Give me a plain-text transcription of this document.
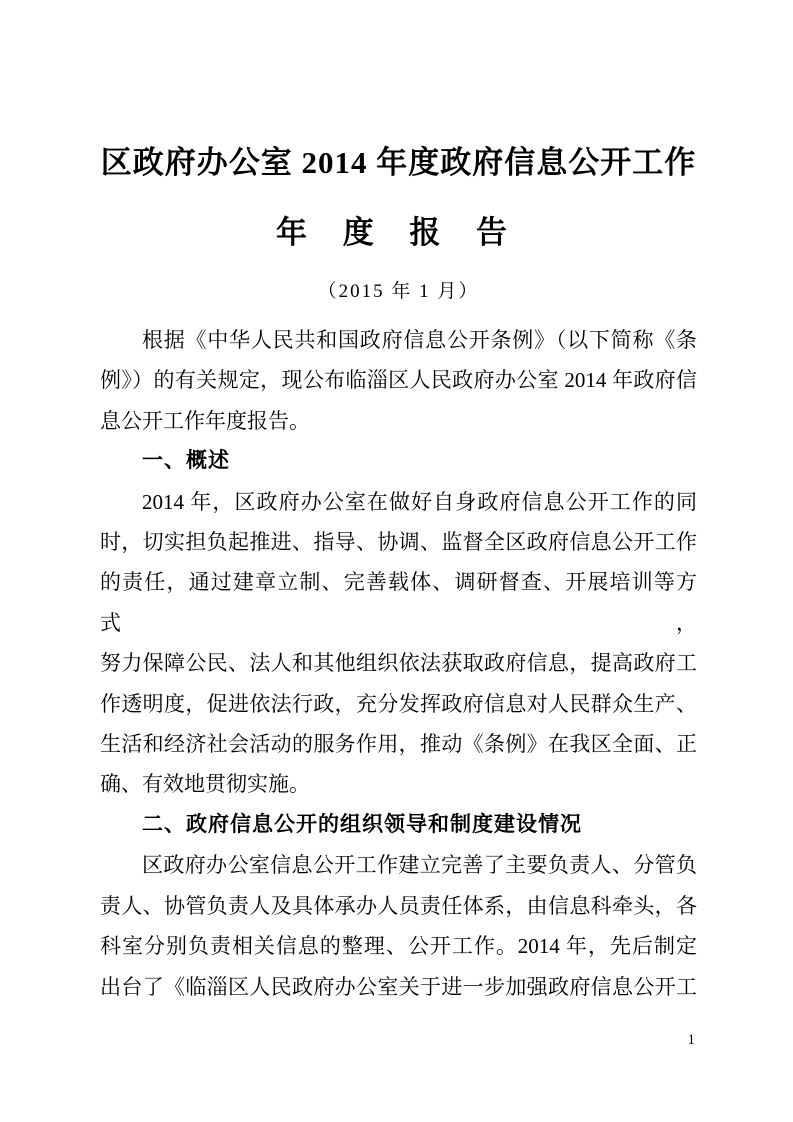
区政府办公室 2014 年度政府信息公开工作
年 度 报 告
（2015 年 1 月）
根据《中华人民共和国政府信息公开条例》（以下简称《条
例》）的有关规定，现公布临淄区人民政府办公室 2014 年政府信
息公开工作年度报告。
一、概述
2014 年，区政府办公室在做好自身政府信息公开工作的同
时，切实担负起推进、指导、协调、监督全区政府信息公开工作
的责任，通过建章立制、完善载体、调研督查、开展培训等方式，
努力保障公民、法人和其他组织依法获取政府信息，提高政府工
作透明度，促进依法行政，充分发挥政府信息对人民群众生产、
生活和经济社会活动的服务作用，推动《条例》在我区全面、正
确、有效地贯彻实施。
二、政府信息公开的组织领导和制度建设情况
区政府办公室信息公开工作建立完善了主要负责人、分管负
责人、协管负责人及具体承办人员责任体系，由信息科牵头，各
科室分别负责相关信息的整理、公开工作。2014 年，先后制定
出台了《临淄区人民政府办公室关于进一步加强政府信息公开工
1
